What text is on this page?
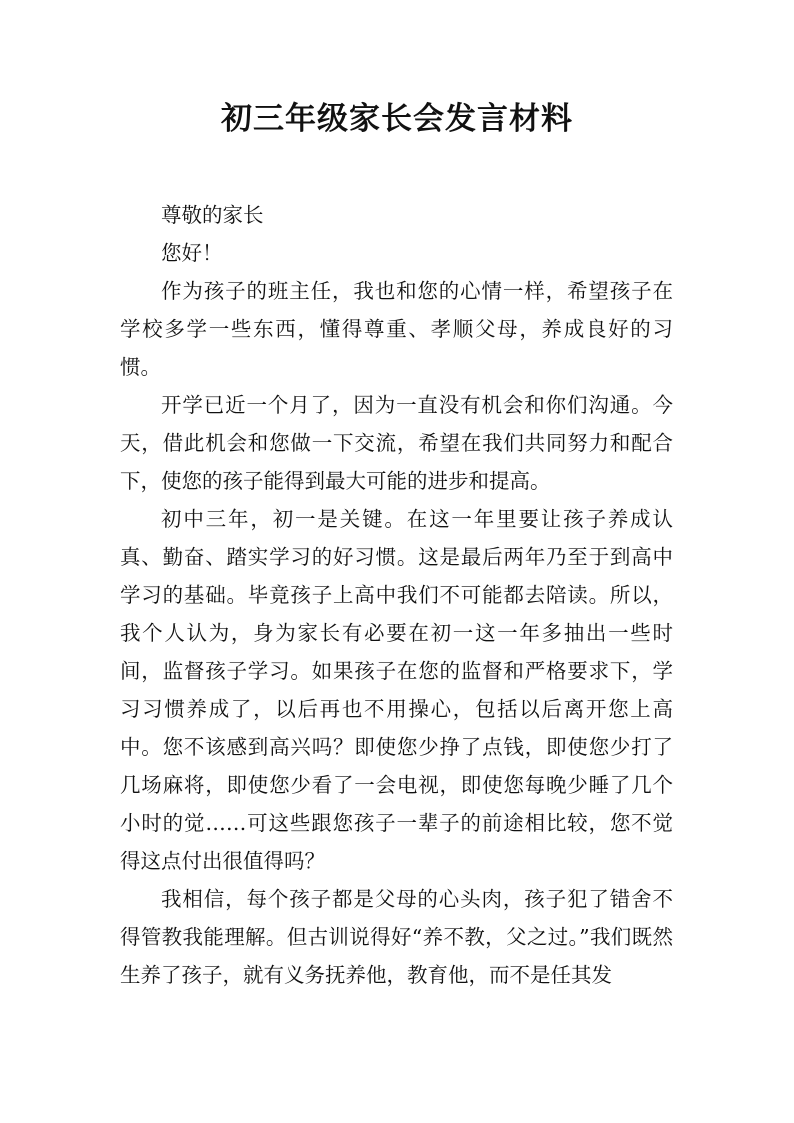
初三年级家长会发言材料

尊敬的家长

您好！

作为孩子的班主任，我也和您的心情一样，希望孩子在学校多学一些东西，懂得尊重、孝顺父母，养成良好的习惯。

开学已近一个月了，因为一直没有机会和你们沟通。今天，借此机会和您做一下交流，希望在我们共同努力和配合下，使您的孩子能得到最大可能的进步和提高。

初中三年，初一是关键。在这一年里要让孩子养成认真、勤奋、踏实学习的好习惯。这是最后两年乃至于到高中学习的基础。毕竟孩子上高中我们不可能都去陪读。所以，我个人认为，身为家长有必要在初一这一年多抽出一些时间，监督孩子学习。如果孩子在您的监督和严格要求下，学习习惯养成了，以后再也不用操心，包括以后离开您上高中。您不该感到高兴吗？即使您少挣了点钱，即使您少打了几场麻将，即使您少看了一会电视，即使您每晚少睡了几个小时的觉……可这些跟您孩子一辈子的前途相比较，您不觉得这点付出很值得吗？

我相信，每个孩子都是父母的心头肉，孩子犯了错舍不得管教我能理解。但古训说得好“养不教，父之过。”我们既然生养了孩子，就有义务抚养他，教育他，而不是任其发
